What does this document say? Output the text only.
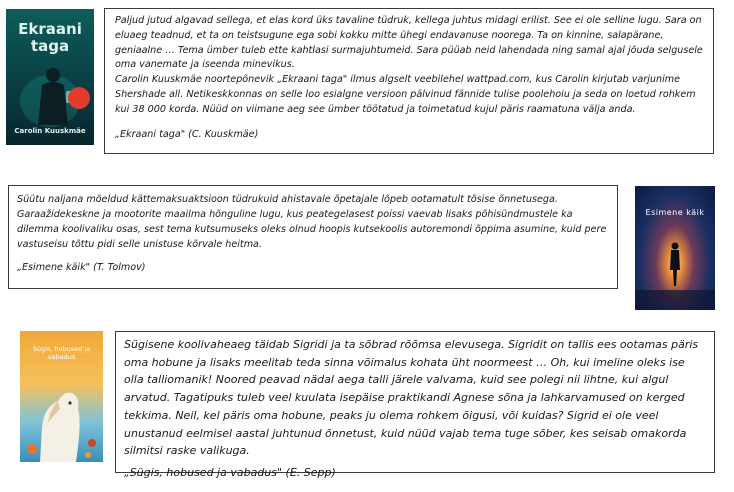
Ekraani taga
Carolin Kuuskmäe

Paljud jutud algavad sellega, et elas kord üks tavaline tüdruk, kellega juhtus midagi erilist. See ei ole selline lugu. Sara on eluaeg teadnud, et ta on teistsugune ega sobi kokku mitte ühegi endavanuse noorega. Ta on kinnine, salapärane, geniaalne … Tema ümber tuleb ette kahtlasi surmajuhtumeid. Sara püüab neid lahendada ning samal ajal jõuda selgusele oma vanemate ja iseenda minevikus.

Carolin Kuuskmäe noortepõnevik „Ekraani taga" ilmus algselt veebilehel wattpad.com, kus Carolin kirjutab varjunime Shershade all. Netikeskkonnas on selle loo esialgne versioon pälvinud fännide tulise poolehoiu ja seda on loetud rohkem kui 38 000 korda. Nüüd on viimane aeg see ümber töötatud ja toimetatud kujul päris raamatuna välja anda.

„Ekraani taga" (C. Kuuskmäe)

Süütu naljana mõeldud kättemaksuaktsioon tüdrukuid ahistavale õpetajale lõpeb ootamatult tõsise õnnetusega. Garaažidekeskne ja mootorite maailma hõnguline lugu, kus peategelasest poissi vaevab lisaks põhisündmustele ka dilemma koolivaliku osas, sest tema kutsumuseks oleks olnud hoopis kutsekoolis autoremondi õppima asumine, kuid pere vastuseisu tõttu pidi selle unistuse kõrvale heitma.

„Esimene käik" (T. Tolmov)

Esimene käik
Sügis, hobused ja vabadus

Sügisene koolivaheaeg täidab Sigridi ja ta sõbrad rõõmsa elevusega. Sigridit on tallis ees ootamas päris oma hobune ja lisaks meelitab teda sinna võimalus kohata üht noormeest … Oh, kui imeline oleks ise olla talliomanik! Noored peavad nädal aega talli järele valvama, kuid see polegi nii lihtne, kui algul arvatud. Tagatipuks tuleb veel kuulata isepäise praktikandi Agnese sõna ja lahkarvamused on kerged tekkima. Neil, kel päris oma hobune, peaks ju olema rohkem õigusi, või kuidas? Sigrid ei ole veel unustanud eelmisel aastal juhtunud õnnetust, kuid nüüd vajab tema tuge sõber, kes seisab omakorda silmitsi raske valikuga.

„Sügis, hobused ja vabadus" (E. Sepp)
